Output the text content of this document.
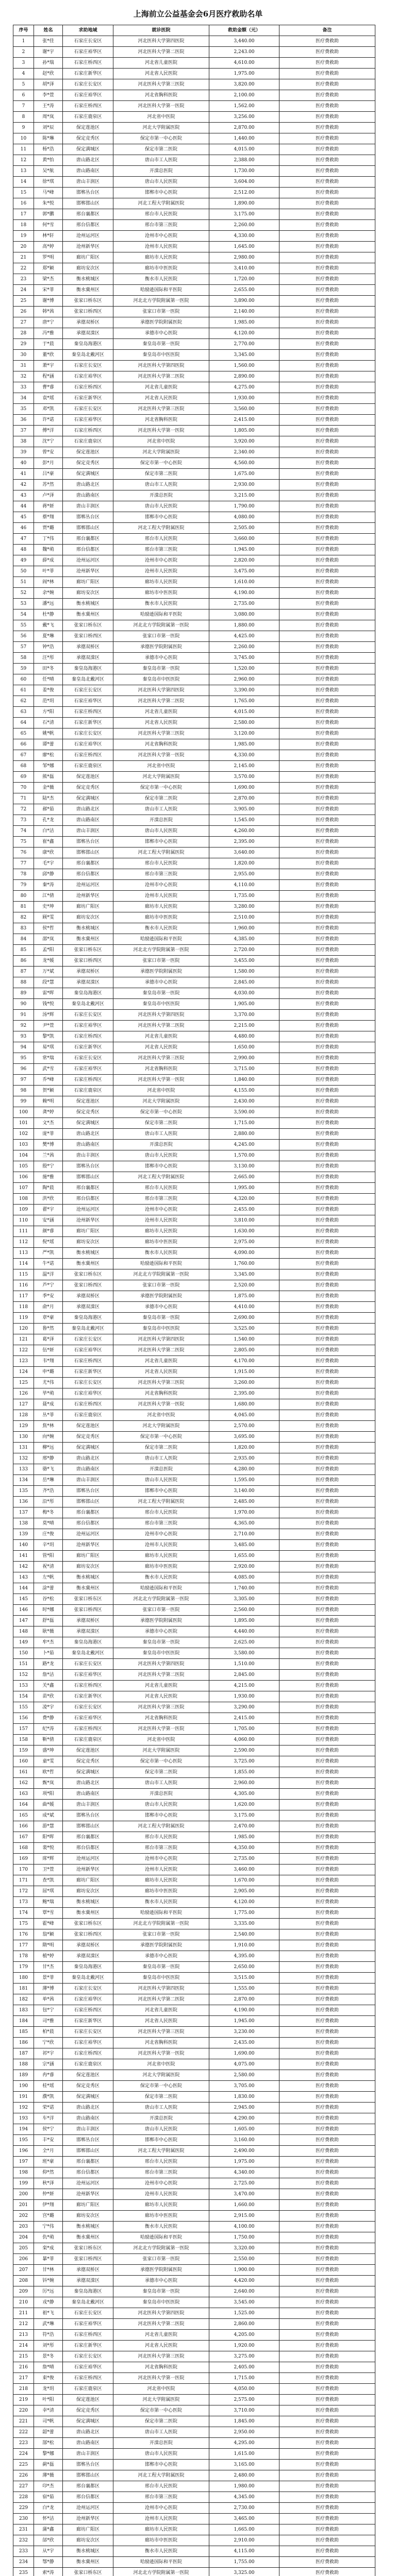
上海前立公益基金会6月医疗救助名单
序号	姓名	求助地域	就诊医院	救助金额（元）	备注
1	张*佳	石家庄长安区	河北医科大学第四医院	3,440.00	医疗费救助
2	谢*宇	石家庄裕华区	河北医科大学第二医院	2,243.00	医疗费救助
3	孙*瑞	石家庄桥西区	河北省儿童医院	4,610.00	医疗费救助
4	赵*欣	石家庄新华区	河北省人民医院	1,975.00	医疗费救助
5	胡*泽	石家庄长安区	河北医科大学第三医院	3,820.00	医疗费救助
6	李*萱	石家庄裕华区	河北省胸科医院	2,100.00	医疗费救助
7	王*涛	石家庄桥西区	河北医科大学第一医院	1,562.00	医疗费救助
8	周*岚	石家庄鹿泉区	河北省中医院	3,256.00	医疗费救助
9	刘*辰	保定莲池区	河北大学附属医院	2,870.00	医疗费救助
10	陈*琳	保定竞秀区	保定市第一中心医院	1,440.00	医疗费救助
11	杨*浩	保定满城区	保定市第二医院	4,015.00	医疗费救助
12	黄*怡	唐山路北区	唐山市工人医院	2,388.00	医疗费救助
13	吴*航	唐山路南区	开滦总医院	1,730.00	医疗费救助
14	徐*琪	唐山丰润区	唐山市人民医院	3,604.00	医疗费救助
15	马*峰	邯郸丛台区	邯郸市中心医院	2,512.00	医疗费救助
16	朱*悦	邯郸邯山区	河北工程大学附属医院	1,890.00	医疗费救助
17	郭*鹏	邢台襄都区	邢台市人民医院	3,175.00	医疗费救助
18	何*雪	邢台信都区	邢台市第三医院	2,260.00	医疗费救助
19	林*轩	沧州运河区	沧州市中心医院	4,330.00	医疗费救助
20	高*婷	沧州新华区	沧州市人民医院	1,645.00	医疗费救助
21	罗*明	廊坊广阳区	廊坊市人民医院	2,980.00	医疗费救助
22	郑*颖	廊坊安次区	廊坊市中医医院	3,410.00	医疗费救助
23	梁*杰	衡水桃城区	衡水市人民医院	1,720.00	医疗费救助
24	宋*菲	衡水冀州区	哈励逊国际和平医院	2,655.00	医疗费救助
25	谢*博	张家口桥东区	河北北方学院附属第一医院	3,890.00	医疗费救助
26	韩*茜	张家口桥西区	张家口市第一医院	2,140.00	医疗费救助
27	唐*宁	承德双桥区	承德医学院附属医院	1,985.00	医疗费救助
28	冯*雅	承德双滦区	承德市中心医院	4,120.00	医疗费救助
29	于*晨	秦皇岛海港区	秦皇岛市第一医院	2,770.00	医疗费救助
30	董*欣	秦皇岛北戴河区	秦皇岛市中医医院	3,345.00	医疗费救助
31	萧*宇	石家庄长安区	河北医科大学第四医院	1,560.00	医疗费救助
32	程*涵	石家庄裕华区	河北医科大学第二医院	2,890.00	医疗费救助
33	曹*睿	石家庄桥西区	河北省儿童医院	4,275.00	医疗费救助
34	袁*瑶	石家庄新华区	河北省人民医院	1,930.00	医疗费救助
35	邓*凯	石家庄长安区	河北医科大学第三医院	3,560.00	医疗费救助
36	许*诺	石家庄裕华区	河北省胸科医院	2,415.00	医疗费救助
37	傅*洋	石家庄桥西区	河北医科大学第一医院	1,805.00	医疗费救助
38	沈*宁	石家庄鹿泉区	河北省中医院	3,920.00	医疗费救助
39	曾*安	保定莲池区	河北大学附属医院	2,340.00	医疗费救助
40	彭*月	保定竞秀区	保定市第一中心医院	4,560.00	医疗费救助
41	吕*豪	保定满城区	保定市第二医院	1,675.00	医疗费救助
42	苏*然	唐山路北区	唐山市工人医院	2,930.00	医疗费救助
43	卢*泽	唐山路南区	开滦总医院	3,215.00	医疗费救助
44	蒋*妍	唐山丰润区	唐山市人民医院	1,790.00	医疗费救助
45	蔡*翔	邯郸丛台区	邯郸市中心医院	4,080.00	医疗费救助
46	贾*璐	邯郸邯山区	河北工程大学附属医院	2,505.00	医疗费救助
47	丁*伟	邢台襄都区	邢台市人民医院	3,660.00	医疗费救助
48	魏*萌	邢台信都区	邢台市第三医院	1,945.00	医疗费救助
49	薛*成	沧州运河区	沧州市中心医院	2,820.00	医疗费救助
50	叶*菲	沧州新华区	沧州市人民医院	3,475.00	医疗费救助
51	阎*林	廊坊广阳区	廊坊市人民医院	1,610.00	医疗费救助
52	余*婉	廊坊安次区	廊坊市中医医院	4,190.00	医疗费救助
53	潘*远	衡水桃城区	衡水市人民医院	2,735.00	医疗费救助
54	杜*静	衡水冀州区	哈励逊国际和平医院	3,080.00	医疗费救助
55	戴*飞	张家口桥东区	河北北方学院附属第一医院	1,880.00	医疗费救助
56	夏*琳	张家口桥西区	张家口市第一医院	4,425.00	医疗费救助
57	钟*浩	承德双桥区	承德医学院附属医院	2,260.00	医疗费救助
58	汪*彤	承德双滦区	承德市中心医院	3,745.00	医疗费救助
59	田*冬	秦皇岛海港区	秦皇岛市第一医院	1,520.00	医疗费救助
60	任*晴	秦皇岛北戴河区	秦皇岛市中医医院	2,960.00	医疗费救助
61	姜*俊	石家庄长安区	河北医科大学第四医院	3,390.00	医疗费救助
62	范*玥	石家庄裕华区	河北医科大学第二医院	1,765.00	医疗费救助
63	方*阳	石家庄桥西区	河北省儿童医院	4,015.00	医疗费救助
64	石*清	石家庄新华区	河北省人民医院	2,580.00	医疗费救助
65	姚*帆	石家庄长安区	河北医科大学第三医院	3,120.00	医疗费救助
66	谭*蕾	石家庄裕华区	河北省胸科医院	1,985.00	医疗费救助
67	廖*松	石家庄桥西区	河北医科大学第一医院	4,330.00	医疗费救助
68	邹*娜	石家庄鹿泉区	河北省中医院	2,145.00	医疗费救助
69	熊*磊	保定莲池区	河北大学附属医院	3,570.00	医疗费救助
70	金*薇	保定竞秀区	保定市第一中心医院	1,690.00	医疗费救助
71	陆*杰	保定满城区	保定市第二医院	2,870.00	医疗费救助
72	郝*茹	唐山路北区	唐山市工人医院	3,905.00	医疗费救助
73	孔*龙	唐山路南区	开滦总医院	1,545.00	医疗费救助
74	白*洁	唐山丰润区	唐山市人民医院	4,260.00	医疗费救助
75	崔*鑫	邯郸丛台区	邯郸市中心医院	2,395.00	医疗费救助
76	康*欣	邯郸邯山区	河北工程大学附属医院	3,640.00	医疗费救助
77	毛*宇	邢台襄都区	邢台市人民医院	1,820.00	医疗费救助
78	邱*静	邢台信都区	邢台市第三医院	2,955.00	医疗费救助
79	秦*涛	沧州运河区	沧州市中心医院	4,110.00	医疗费救助
80	江*倩	沧州新华区	沧州市人民医院	1,735.00	医疗费救助
81	史*坤	廊坊广阳区	廊坊市人民医院	3,280.00	医疗费救助
82	顾*雯	廊坊安次区	廊坊市中医医院	2,510.00	医疗费救助
83	侯*哲	衡水桃城区	衡水市人民医院	1,960.00	医疗费救助
84	邵*岚	衡水冀州区	哈励逊国际和平医院	4,385.00	医疗费救助
85	孟*阳	张家口桥东区	河北北方学院附属第一医院	2,720.00	医疗费救助
86	龙*媛	张家口桥西区	张家口市第一医院	3,455.00	医疗费救助
87	万*斌	承德双桥区	承德医学院附属医院	1,580.00	医疗费救助
88	段*慧	承德双滦区	承德市中心医院	2,845.00	医疗费救助
89	雷*晖	秦皇岛海港区	秦皇岛市第一医院	4,030.00	医疗费救助
90	钱*悦	秦皇岛北戴河区	秦皇岛市中医医院	1,905.00	医疗费救助
91	汤*辉	石家庄长安区	河北医科大学第四医院	3,370.00	医疗费救助
92	尹*萱	石家庄裕华区	河北医科大学第二医院	2,215.00	医疗费救助
93	黎*凯	石家庄桥西区	河北省儿童医院	4,480.00	医疗费救助
94	易*琪	石家庄新华区	河北省人民医院	1,650.00	医疗费救助
95	常*瑞	石家庄长安区	河北医科大学第三医院	2,990.00	医疗费救助
96	武*雪	石家庄裕华区	河北省胸科医院	3,715.00	医疗费救助
97	乔*峰	石家庄桥西区	河北医科大学第一医院	1,840.00	医疗费救助
98	贺*颖	石家庄鹿泉区	河北省中医院	4,155.00	医疗费救助
99	赖*明	保定莲池区	河北大学附属医院	2,430.00	医疗费救助
100	龚*婷	保定竞秀区	保定市第一中心医院	3,590.00	医疗费救助
101	文*杰	保定满城区	保定市第二医院	1,715.00	医疗费救助
102	庞*菲	唐山路北区	唐山市工人医院	2,880.00	医疗费救助
103	樊*博	唐山路南区	开滦总医院	4,245.00	医疗费救助
104	兰*茜	唐山丰润区	唐山市人民医院	1,570.00	医疗费救助
105	殷*宁	邯郸丛台区	邯郸市中心医院	3,130.00	医疗费救助
106	施*雅	邯郸邯山区	河北工程大学附属医院	2,665.00	医疗费救助
107	陶*晨	邢台襄都区	邢台市人民医院	1,995.00	医疗费救助
108	洪*欣	邢台信都区	邢台市第三医院	4,320.00	医疗费救助
109	翟*宇	沧州运河区	沧州市中心医院	2,455.00	医疗费救助
110	安*涵	沧州新华区	沧州市人民医院	3,810.00	医疗费救助
111	颜*睿	廊坊广阳区	廊坊市人民医院	1,630.00	医疗费救助
112	倪*瑶	廊坊安次区	廊坊市中医医院	2,975.00	医疗费救助
113	严*凯	衡水桃城区	衡水市人民医院	4,090.00	医疗费救助
114	牛*诺	衡水冀州区	哈励逊国际和平医院	1,760.00	医疗费救助
115	温*洋	张家口桥东区	河北北方学院附属第一医院	3,345.00	医疗费救助
116	芦*宁	张家口桥西区	张家口市第一医院	2,520.00	医疗费救助
117	季*安	承德双桥区	承德医学院附属医院	1,875.00	医疗费救助
118	俞*月	承德双滦区	承德市中心医院	4,410.00	医疗费救助
119	章*豪	秦皇岛海港区	秦皇岛市第一医院	2,690.00	医疗费救助
120	鲁*然	秦皇岛北戴河区	秦皇岛市中医医院	3,525.00	医疗费救助
121	葛*泽	石家庄长安区	河北医科大学第四医院	1,540.00	医疗费救助
122	伍*妍	石家庄裕华区	河北医科大学第二医院	2,805.00	医疗费救助
123	韦*翔	石家庄桥西区	河北省儿童医院	4,170.00	医疗费救助
124	申*璐	石家庄新华区	河北省人民医院	1,915.00	医疗费救助
125	尤*伟	石家庄长安区	河北医科大学第三医院	3,260.00	医疗费救助
126	毕*萌	石家庄裕华区	河北省胸科医院	2,395.00	医疗费救助
127	聂*成	石家庄桥西区	河北医科大学第一医院	1,680.00	医疗费救助
128	丛*菲	石家庄鹿泉区	河北省中医院	4,045.00	医疗费救助
129	焦*林	保定莲池区	河北大学附属医院	2,570.00	医疗费救助
130	向*婉	保定竞秀区	保定市第一中心医院	3,695.00	医疗费救助
131	柳*远	保定满城区	保定市第二医院	1,820.00	医疗费救助
132	邢*静	唐山路北区	唐山市工人医院	2,935.00	医疗费救助
133	骆*飞	唐山路南区	开滦总医院	4,280.00	医疗费救助
134	岳*琳	唐山丰润区	唐山市人民医院	1,595.00	医疗费救助
135	齐*浩	邯郸丛台区	邯郸市中心医院	3,140.00	医疗费救助
136	沿*彤	邯郸邯山区	河北工程大学附属医院	2,485.00	医疗费救助
137	梅*冬	邢台襄都区	邢台市人民医院	1,970.00	医疗费救助
138	莫*晴	邢台信都区	邢台市第三医院	4,365.00	医疗费救助
139	庄*俊	沧州运河区	沧州市中心医院	2,710.00	医疗费救助
140	辛*玥	沧州新华区	沧州市人民医院	3,485.00	医疗费救助
141	管*阳	廊坊广阳区	廊坊市人民医院	1,655.00	医疗费救助
142	祝*清	廊坊安次区	廊坊市中医医院	2,920.00	医疗费救助
143	左*帆	衡水桃城区	衡水市人民医院	4,085.00	医疗费救助
144	涂*蕾	衡水冀州区	哈励逊国际和平医院	1,740.00	医疗费救助
145	谷*松	张家口桥东区	河北北方学院附属第一医院	3,305.00	医疗费救助
146	时*娜	张家口桥西区	张家口市第一医院	2,560.00	医疗费救助
147	舒*磊	承德双桥区	承德医学院附属医院	1,895.00	医疗费救助
148	耿*薇	承德双滦区	承德市中心医院	4,440.00	医疗费救助
149	牟*杰	秦皇岛海港区	秦皇岛市第一医院	2,625.00	医疗费救助
150	卜*茹	秦皇岛北戴河区	秦皇岛市中医医院	3,580.00	医疗费救助
151	路*龙	石家庄长安区	河北医科大学第四医院	1,510.00	医疗费救助
152	詹*洁	石家庄裕华区	河北医科大学第二医院	2,845.00	医疗费救助
153	关*鑫	石家庄桥西区	河北省儿童医院	4,215.00	医疗费救助
154	苗*欣	石家庄新华区	河北省人民医院	1,930.00	医疗费救助
155	凌*宇	石家庄长安区	河北医科大学第三医院	3,290.00	医疗费救助
156	费*静	石家庄裕华区	河北省胸科医院	2,415.00	医疗费救助
157	纪*涛	石家庄桥西区	河北医科大学第一医院	1,705.00	医疗费救助
158	靳*倩	石家庄鹿泉区	河北省中医院	4,060.00	医疗费救助
159	盛*坤	保定莲池区	河北大学附属医院	2,590.00	医疗费救助
160	童*雯	保定竞秀区	保定市第一中心医院	3,725.00	医疗费救助
161	欧*哲	保定满城区	保定市第二医院	1,855.00	医疗费救助
162	甄*岚	唐山路北区	唐山市工人医院	2,960.00	医疗费救助
163	项*阳	唐山路南区	开滦总医院	4,305.00	医疗费救助
164	曲*媛	唐山丰润区	唐山市人民医院	1,620.00	医疗费救助
165	成*斌	邯郸丛台区	邯郸市中心医院	3,175.00	医疗费救助
166	游*慧	邯郸邯山区	河北工程大学附属医院	2,470.00	医疗费救助
167	阳*晖	邢台襄都区	邢台市人民医院	1,985.00	医疗费救助
168	裴*悦	邢台信都区	邢台市第三医院	4,350.00	医疗费救助
169	席*辉	沧州运河区	沧州市中心医院	2,735.00	医疗费救助
170	卫*萱	沧州新华区	沧州市人民医院	3,460.00	医疗费救助
171	查*凯	廊坊广阳区	廊坊市人民医院	1,670.00	医疗费救助
172	屈*琪	廊坊安次区	廊坊市中医医院	2,905.00	医疗费救助
173	鲍*瑞	衡水桃城区	衡水市人民医院	4,120.00	医疗费救助
174	覃*雪	衡水冀州区	哈励逊国际和平医院	1,775.00	医疗费救助
175	霍*峰	张家口桥东区	河北北方学院附属第一医院	3,335.00	医疗费救助
176	翁*颖	张家口桥西区	张家口市第一医院	2,540.00	医疗费救助
177	隋*明	承德双桥区	承德医学院附属医院	1,910.00	医疗费救助
178	植*婷	承德双滦区	承德市中心医院	4,395.00	医疗费救助
179	甘*杰	秦皇岛海港区	秦皇岛市第一医院	2,650.00	医疗费救助
180	景*菲	秦皇岛北戴河区	秦皇岛市中医医院	3,515.00	医疗费救助
181	薄*博	石家庄长安区	河北医科大学第四医院	1,555.00	医疗费救助
182	单*茜	石家庄裕华区	河北医科大学第二医院	2,870.00	医疗费救助
183	包*宁	石家庄桥西区	河北省儿童医院	4,190.00	医疗费救助
184	司*雅	石家庄新华区	河北省人民医院	1,945.00	医疗费救助
185	柏*晨	石家庄长安区	河北医科大学第三医院	3,230.00	医疗费救助
186	宁*欣	石家庄裕华区	河北省胸科医院	2,435.00	医疗费救助
187	祁*宇	石家庄桥西区	河北医科大学第一医院	1,690.00	医疗费救助
188	宗*涵	石家庄鹿泉区	河北省中医院	4,075.00	医疗费救助
189	冉*睿	保定莲池区	河北大学附属医院	2,580.00	医疗费救助
190	桂*瑶	保定竞秀区	保定市第一中心医院	3,705.00	医疗费救助
191	濮*凯	保定满城区	保定市第二医院	1,830.00	医疗费救助
192	荣*诺	唐山路北区	唐山市工人医院	2,945.00	医疗费救助
193	车*洋	唐山路南区	开滦总医院	4,290.00	医疗费救助
194	侯*宁	唐山丰润区	唐山市人民医院	1,605.00	医疗费救助
195	丰*安	邯郸丛台区	邯郸市中心医院	3,160.00	医疗费救助
196	全*月	邯郸邯山区	河北工程大学附属医院	2,490.00	医疗费救助
197	班*豪	邢台襄都区	邢台市人民医院	1,975.00	医疗费救助
198	仰*然	邢台信都区	邢台市第三医院	4,340.00	医疗费救助
199	秋*泽	沧州运河区	沧州市中心医院	2,725.00	医疗费救助
200	仲*妍	沧州新华区	沧州市人民医院	3,470.00	医疗费救助
201	伊*翔	廊坊广阳区	廊坊市人民医院	1,660.00	医疗费救助
202	宫*璐	廊坊安次区	廊坊市中医医院	2,915.00	医疗费救助
203	宁*伟	衡水桃城区	衡水市人民医院	4,100.00	医疗费救助
204	仇*萌	衡水冀州区	哈励逊国际和平医院	1,750.00	医疗费救助
205	栾*成	张家口桥东区	河北北方学院附属第一医院	3,320.00	医疗费救助
206	暴*菲	张家口桥西区	张家口市第一医院	2,550.00	医疗费救助
207	甘*林	承德双桥区	承德医学院附属医院	1,900.00	医疗费救助
208	钭*婉	承德双滦区	承德市中心医院	4,420.00	医疗费救助
209	厉*远	秦皇岛海港区	秦皇岛市第一医院	2,640.00	医疗费救助
210	戎*静	秦皇岛北戴河区	秦皇岛市中医医院	3,545.00	医疗费救助
211	祖*飞	石家庄长安区	河北医科大学第四医院	1,525.00	医疗费救助
212	武*琳	石家庄裕华区	河北医科大学第二医院	2,860.00	医疗费救助
213	符*浩	石家庄桥西区	河北省儿童医院	4,205.00	医疗费救助
214	刘*彤	石家庄新华区	河北省人民医院	1,920.00	医疗费救助
215	景*冬	石家庄长安区	河北医科大学第三医院	3,275.00	医疗费救助
216	詹*晴	石家庄裕华区	河北省胸科医院	2,405.00	医疗费救助
217	束*俊	石家庄桥西区	河北医科大学第一医院	1,715.00	医疗费救助
218	龙*玥	石家庄鹿泉区	河北省中医院	4,050.00	医疗费救助
219	叶*阳	保定莲池区	河北大学附属医院	2,575.00	医疗费救助
220	幸*清	保定竞秀区	保定市第一中心医院	3,710.00	医疗费救助
221	司*帆	保定满城区	保定市第二医院	1,845.00	医疗费救助
222	韶*蕾	唐山路北区	唐山市工人医院	2,950.00	医疗费救助
223	郜*松	唐山路南区	开滦总医院	4,295.00	医疗费救助
224	黎*娜	唐山丰润区	唐山市人民医院	1,615.00	医疗费救助
225	蓟*磊	邯郸丛台区	邯郸市中心医院	3,165.00	医疗费救助
226	薄*薇	邯郸邯山区	河北工程大学附属医院	2,480.00	医疗费救助
227	印*杰	邢台襄都区	邢台市人民医院	1,980.00	医疗费救助
228	宿*茹	邢台信都区	邢台市第三医院	4,345.00	医疗费救助
229	白*龙	沧州运河区	沧州市中心医院	2,730.00	医疗费救助
230	怀*洁	沧州新华区	沧州市人民医院	3,465.00	医疗费救助
231	蒲*鑫	廊坊广阳区	廊坊市人民医院	1,665.00	医疗费救助
232	邰*欣	廊坊安次区	廊坊市中医医院	2,910.00	医疗费救助
233	从*宇	衡水桃城区	衡水市人民医院	4,115.00	医疗费救助
234	鄂*静	衡水冀州区	哈励逊国际和平医院	1,755.00	医疗费救助
235	索*涛	张家口桥东区	河北北方学院附属第一医院	3,325.00	医疗费救助
